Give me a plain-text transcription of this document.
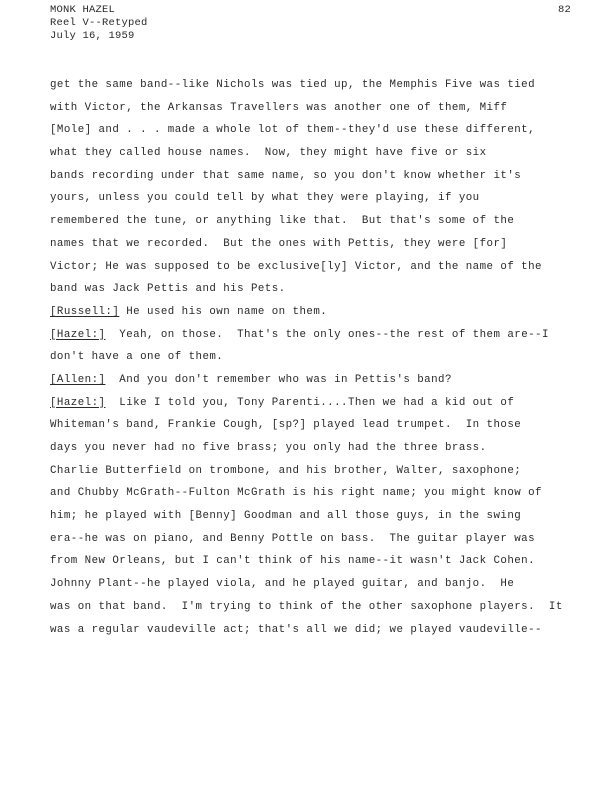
MONK HAZEL
Reel V--Retyped
July 16, 1959
82
get the same band--like Nichols was tied up, the Memphis Five was tied
with Victor, the Arkansas Travellers was another one of them, Miff
[Mole] and . . . made a whole lot of them--they'd use these different,
what they called house names.  Now, they might have five or six
bands recording under that same name, so you don't know whether it's
yours, unless you could tell by what they were playing, if you
remembered the tune, or anything like that.  But that's some of the
names that we recorded.  But the ones with Pettis, they were [for]
Victor; He was supposed to be exclusive[ly] Victor, and the name of the
band was Jack Pettis and his Pets.
[Russell:] He used his own name on them.
[Hazel:]  Yeah, on those.  That's the only ones--the rest of them are--I
don't have a one of them.
[Allen:]  And you don't remember who was in Pettis's band?
[Hazel:]  Like I told you, Tony Parenti....Then we had a kid out of
Whiteman's band, Frankie Cough, [sp?] played lead trumpet.  In those
days you never had no five brass; you only had the three brass.
Charlie Butterfield on trombone, and his brother, Walter, saxophone;
and Chubby McGrath--Fulton McGrath is his right name; you might know of
him; he played with [Benny] Goodman and all those guys, in the swing
era--he was on piano, and Benny Pottle on bass.  The guitar player was
from New Orleans, but I can't think of his name--it wasn't Jack Cohen.
Johnny Plant--he played viola, and he played guitar, and banjo.  He
was on that band.  I'm trying to think of the other saxophone players.  It
was a regular vaudeville act; that's all we did; we played vaudeville--
